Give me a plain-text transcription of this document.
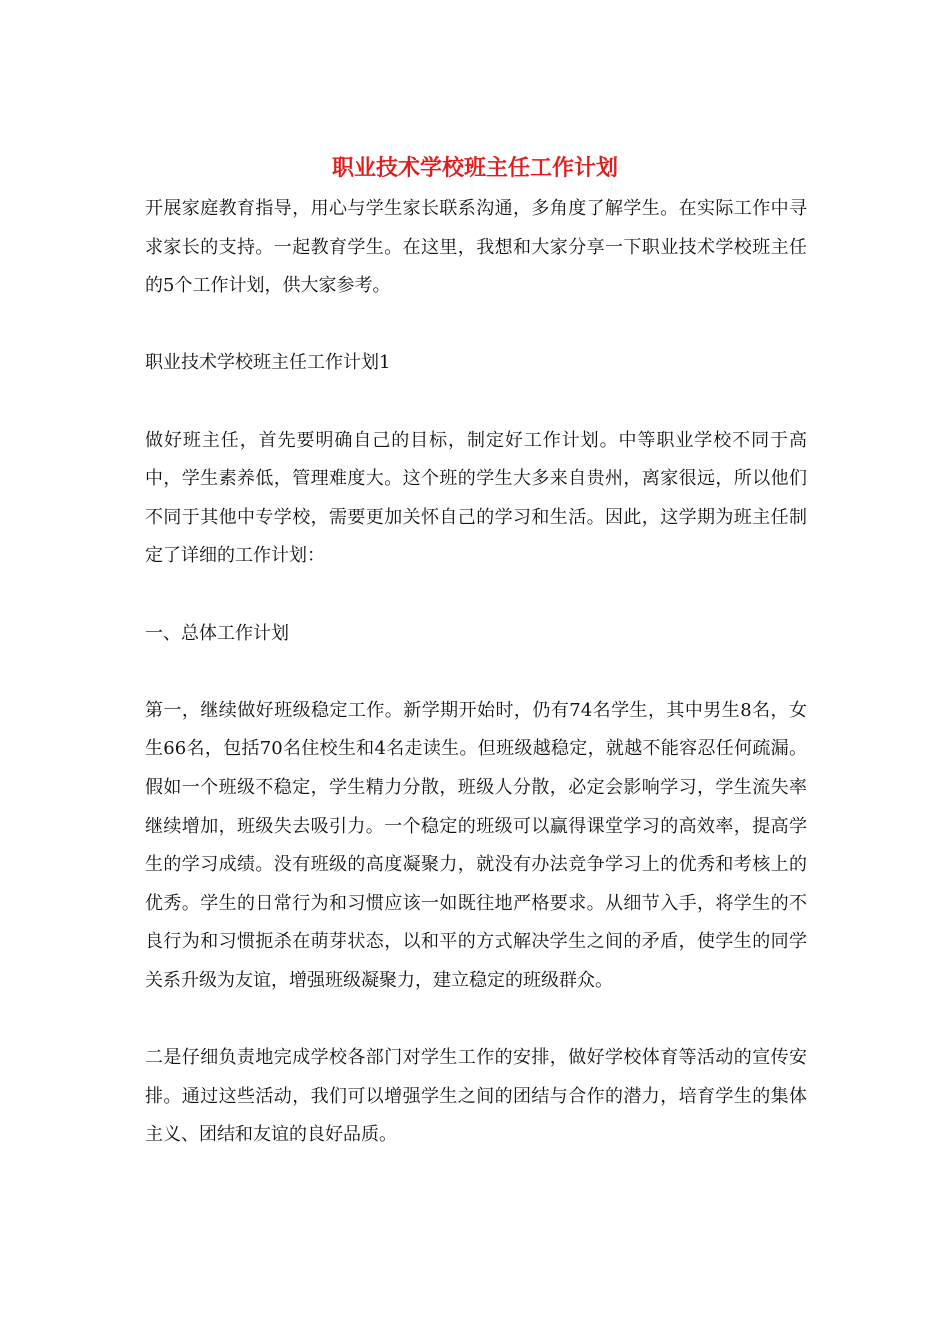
职业技术学校班主任工作计划

开展家庭教育指导，用心与学生家长联系沟通，多角度了解学生。在实际工作中寻求家长的支持。一起教育学生。在这里，我想和大家分享一下职业技术学校班主任的5个工作计划，供大家参考。

职业技术学校班主任工作计划1

做好班主任，首先要明确自己的目标，制定好工作计划。中等职业学校不同于高中，学生素养低，管理难度大。这个班的学生大多来自贵州，离家很远，所以他们不同于其他中专学校，需要更加关怀自己的学习和生活。因此，这学期为班主任制定了详细的工作计划：

一、总体工作计划

第一，继续做好班级稳定工作。新学期开始时，仍有74名学生，其中男生8名，女生66名，包括70名住校生和4名走读生。但班级越稳定，就越不能容忍任何疏漏。假如一个班级不稳定，学生精力分散，班级人分散，必定会影响学习，学生流失率继续增加，班级失去吸引力。一个稳定的班级可以赢得课堂学习的高效率，提高学生的学习成绩。没有班级的高度凝聚力，就没有办法竞争学习上的优秀和考核上的优秀。学生的日常行为和习惯应该一如既往地严格要求。从细节入手，将学生的不良行为和习惯扼杀在萌芽状态，以和平的方式解决学生之间的矛盾，使学生的同学关系升级为友谊，增强班级凝聚力，建立稳定的班级群众。

二是仔细负责地完成学校各部门对学生工作的安排，做好学校体育等活动的宣传安排。通过这些活动，我们可以增强学生之间的团结与合作的潜力，培育学生的集体主义、团结和友谊的良好品质。
